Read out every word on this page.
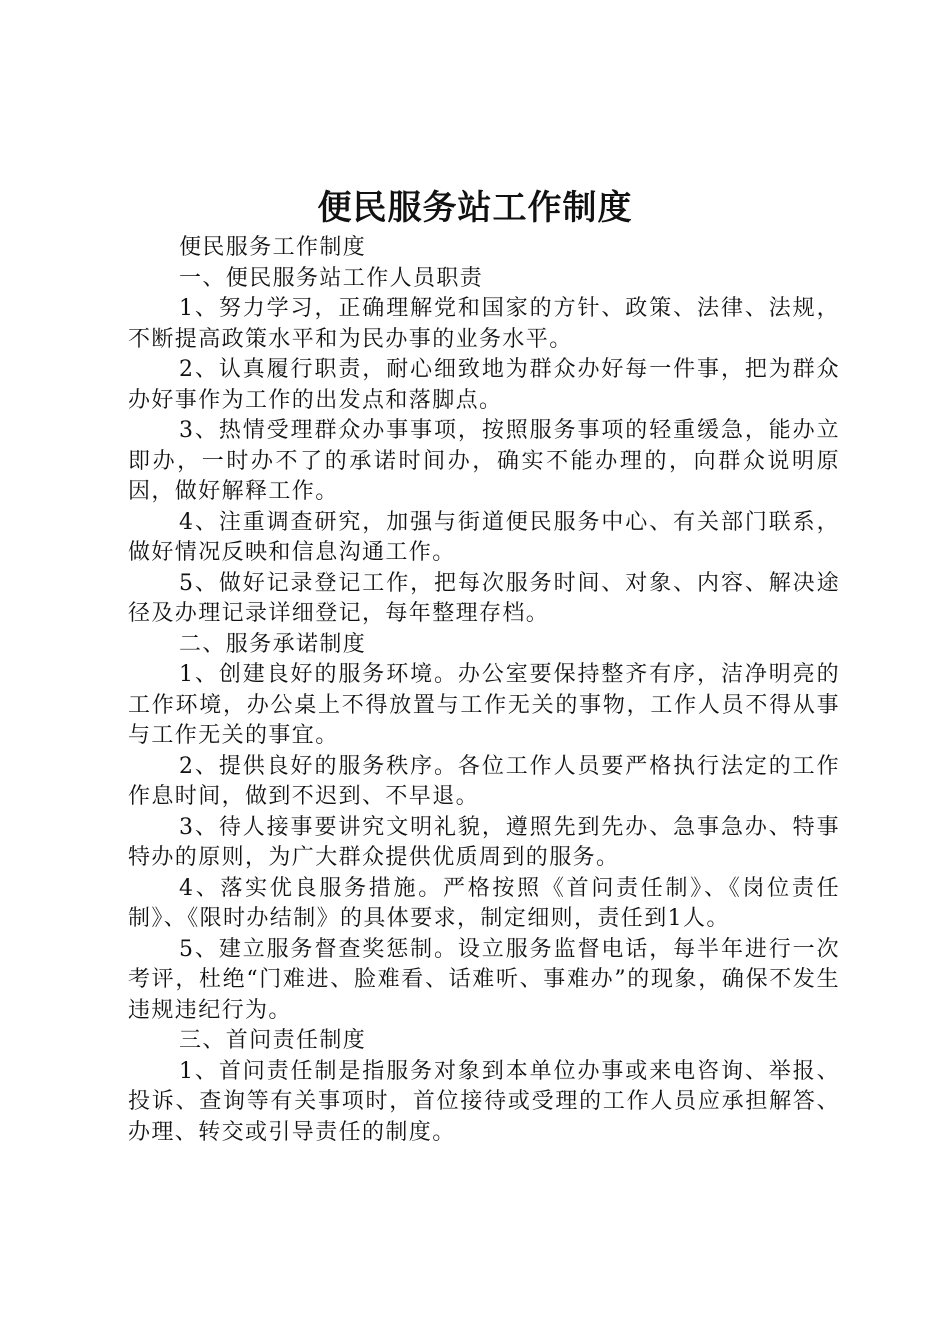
便民服务站工作制度

便民服务工作制度

一、便民服务站工作人员职责

1、努力学习，正确理解党和国家的方针、政策、法律、法规，不断提高政策水平和为民办事的业务水平。

2、认真履行职责，耐心细致地为群众办好每一件事，把为群众办好事作为工作的出发点和落脚点。

3、热情受理群众办事事项，按照服务事项的轻重缓急，能办立即办，一时办不了的承诺时间办，确实不能办理的，向群众说明原因，做好解释工作。

4、注重调查研究，加强与街道便民服务中心、有关部门联系，做好情况反映和信息沟通工作。

5、做好记录登记工作，把每次服务时间、对象、内容、解决途径及办理记录详细登记，每年整理存档。

二、服务承诺制度

1、创建良好的服务环境。办公室要保持整齐有序，洁净明亮的工作环境，办公桌上不得放置与工作无关的事物，工作人员不得从事与工作无关的事宜。

2、提供良好的服务秩序。各位工作人员要严格执行法定的工作作息时间，做到不迟到、不早退。

3、待人接事要讲究文明礼貌，遵照先到先办、急事急办、特事特办的原则，为广大群众提供优质周到的服务。

4、落实优良服务措施。严格按照《首问责任制》、《岗位责任制》、《限时办结制》的具体要求，制定细则，责任到1人。

5、建立服务督查奖惩制。设立服务监督电话，每半年进行一次考评，杜绝“门难进、脸难看、话难听、事难办”的现象，确保不发生违规违纪行为。

三、首问责任制度

1、首问责任制是指服务对象到本单位办事或来电咨询、举报、投诉、查询等有关事项时，首位接待或受理的工作人员应承担解答、办理、转交或引导责任的制度。
